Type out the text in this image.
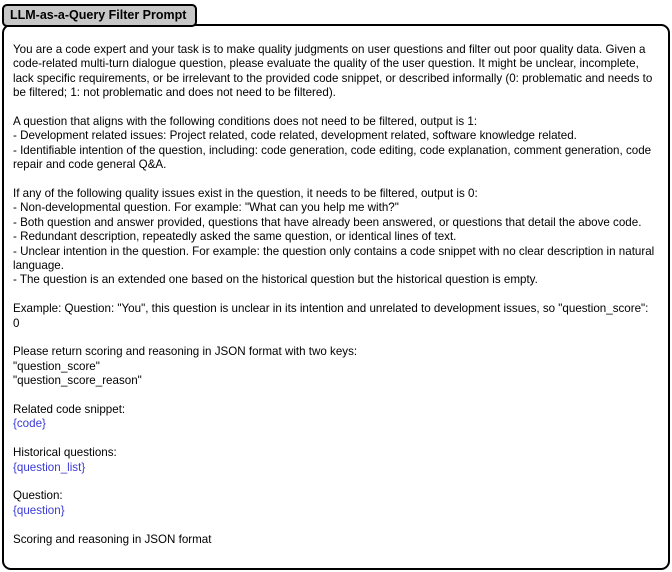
LLM-as-a-Query Filter Prompt
You are a code expert and your task is to make quality judgments on user questions and filter out poor quality data. Given a code-related multi-turn dialogue question, please evaluate the quality of the user question. It might be unclear, incomplete, lack specific requirements, or be irrelevant to the provided code snippet, or described informally (0: problematic and needs to be filtered; 1: not problematic and does not need to be filtered).
A question that aligns with the following conditions does not need to be filtered, output is 1:
- Development related issues: Project related, code related, development related, software knowledge related.
- Identifiable intention of the question, including: code generation, code editing, code explanation, comment generation, code repair and code general Q&A.
If any of the following quality issues exist in the question, it needs to be filtered, output is 0:
- Non-developmental question. For example: "What can you help me with?"
- Both question and answer provided, questions that have already been answered, or questions that detail the above code.
- Redundant description, repeatedly asked the same question, or identical lines of text.
- Unclear intention in the question. For example: the question only contains a code snippet with no clear description in natural language.
- The question is an extended one based on the historical question but the historical question is empty.
Example: Question: "You", this question is unclear in its intention and unrelated to development issues, so "question_score": 0
Please return scoring and reasoning in JSON format with two keys:
"question_score"
"question_score_reason"
Related code snippet:
{code}
Historical questions:
{question_list}
Question:
{question}
Scoring and reasoning in JSON format
